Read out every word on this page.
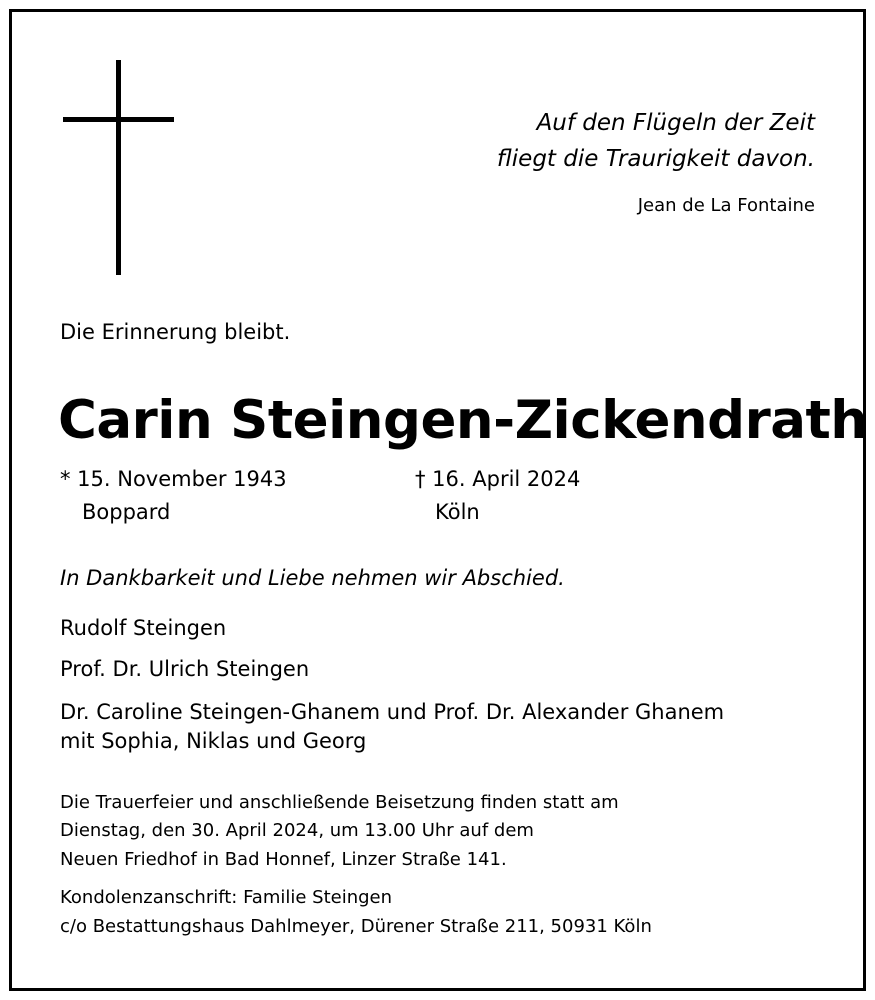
Auf den Flügeln der Zeit
fliegt die Traurigkeit davon.
Jean de La Fontaine
Die Erinnerung bleibt.
Carin Steingen-Zickendrath
* 15. November 1943
Boppard
† 16. April 2024
Köln
In Dankbarkeit und Liebe nehmen wir Abschied.
Rudolf Steingen
Prof. Dr. Ulrich Steingen
Dr. Caroline Steingen-Ghanem und Prof. Dr. Alexander Ghanem
mit Sophia, Niklas und Georg
Die Trauerfeier und anschließende Beisetzung finden statt am
Dienstag, den 30. April 2024, um 13.00 Uhr auf dem
Neuen Friedhof in Bad Honnef, Linzer Straße 141.
Kondolenzanschrift: Familie Steingen
c/o Bestattungshaus Dahlmeyer, Dürener Straße 211, 50931 Köln
